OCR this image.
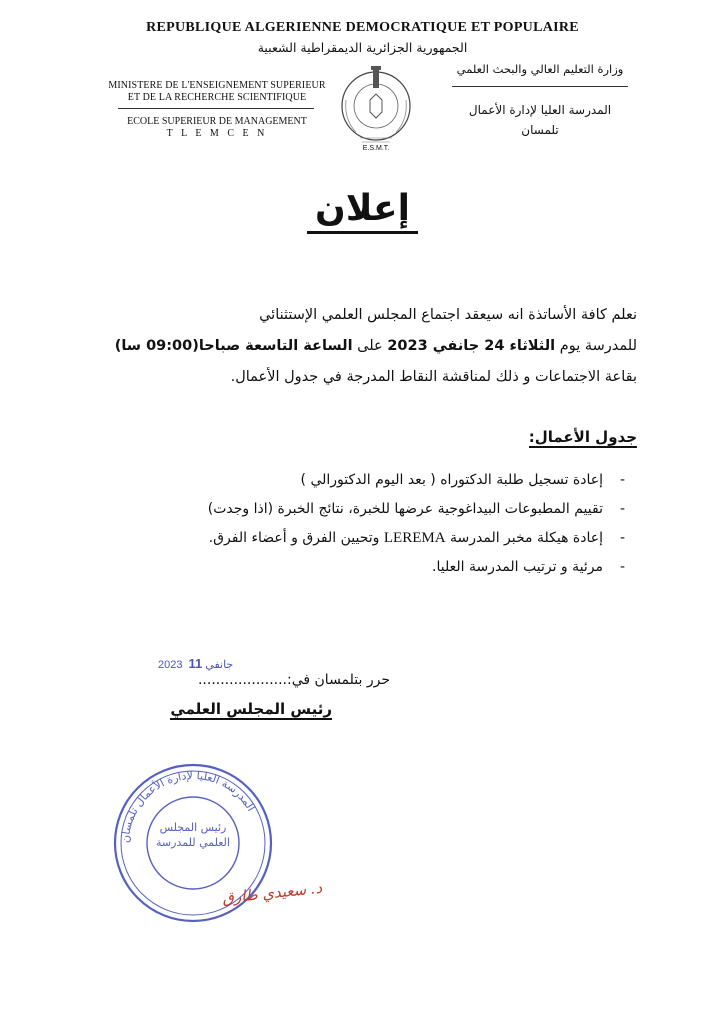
REPUBLIQUE ALGERIENNE DEMOCRATIQUE ET POPULAIRE
الجمهورية الجزائرية الديمقراطية الشعبية
MINISTERE DE L'ENSEIGNEMENT SUPERIEUR
ET DE LA RECHERCHE SCIENTIFIQUE
ECOLE SUPERIEUR DE MANAGEMENT
T L E M C E N
وزارة التعليم العالي والبحث العلمي
المدرسة العليا لإدارة الأعمال
تلمسان
E.S.M.T.
إعلان
نعلم كافة الأساتذة انه سيعقد اجتماع المجلس العلمي الإستثنائي
للمدرسة يوم الثلاثاء 24 جانفي 2023 على الساعة التاسعة صباحا(09:00 سا)
بقاعة الاجتماعات و ذلك لمناقشة النقاط المدرجة في جدول الأعمال.
جدول الأعمال:
-إعادة تسجيل طلبة الدكتوراه ( بعد اليوم الدكتورالي )
-تقييم المطبوعات البيداغوجية عرضها للخبرة، نتائج الخبرة (اذا وجدت)
-إعادة هيكلة مخبر المدرسة LEREMA وتحيين الفرق و أعضاء الفرق.
-مرئية و ترتيب المدرسة العليا.
جانفي 202311
حرر بتلمسان في:....................
رئيس المجلس العلمي
المدرسة العليا لإدارة الأعمال تلمسان
رئيس المجلس العلمي للمدرسة
د. سعيدي طارق
